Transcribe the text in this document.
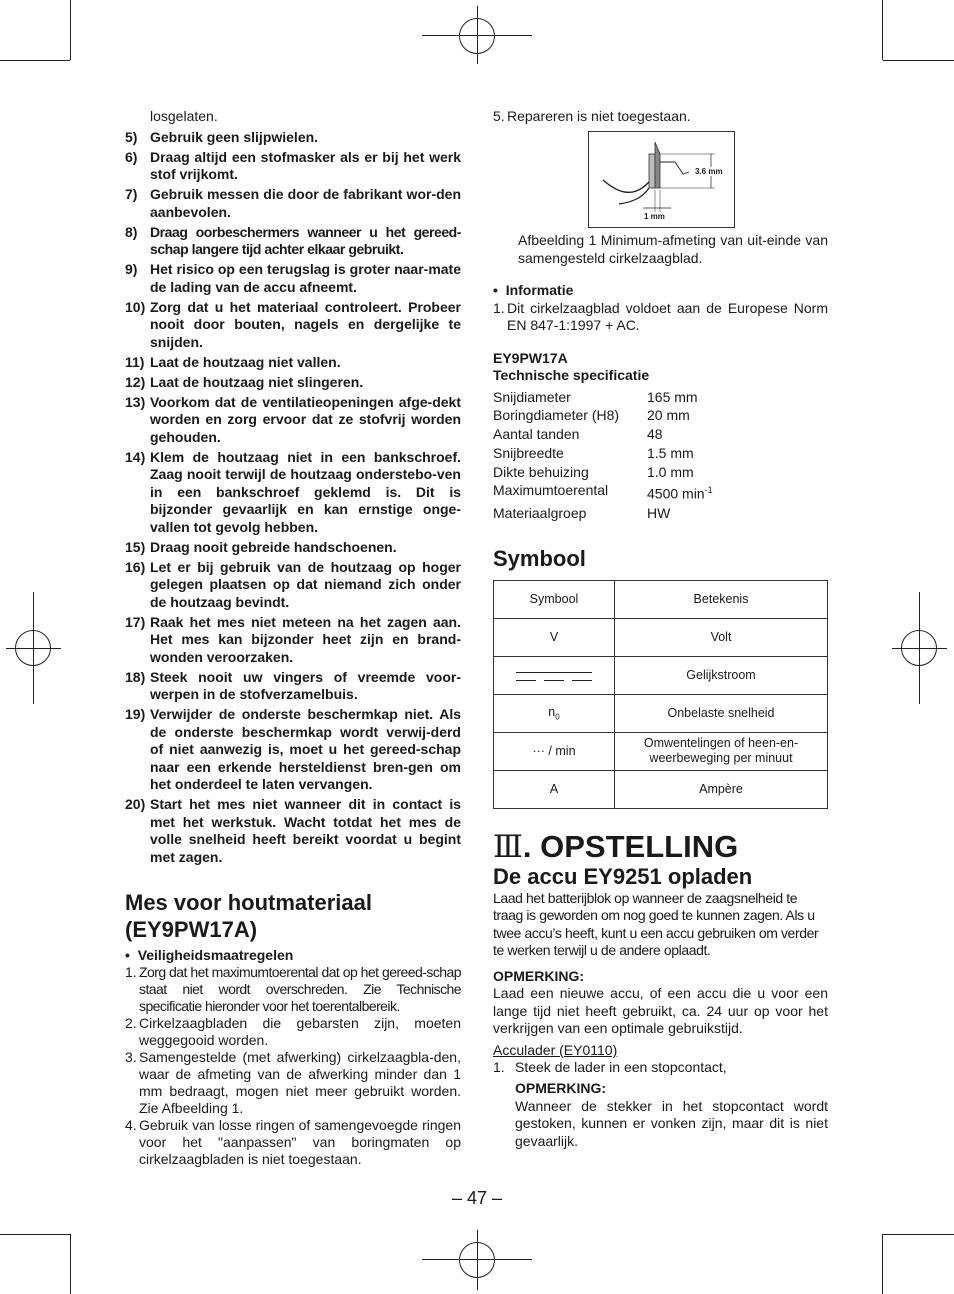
losgelaten.

5) Gebruik geen slijpwielen.
6) Draag altijd een stofmasker als er bij het werk stof vrijkomt.
7) Gebruik messen die door de fabrikant wor-den aanbevolen.
8) Draag oorbeschermers wanneer u het gereed-schap langere tijd achter elkaar gebruikt.
9) Het risico op een terugslag is groter naar-mate de lading van de accu afneemt.
10) Zorg dat u het materiaal controleert. Probeer nooit door bouten, nagels en dergelijke te snijden.
11) Laat de houtzaag niet vallen.
12) Laat de houtzaag niet slingeren.
13) Voorkom dat de ventilatieopeningen afge-dekt worden en zorg ervoor dat ze stofvrij worden gehouden.
14) Klem de houtzaag niet in een bankschroef. Zaag nooit terwijl de houtzaag onderstebo-ven in een bankschroef geklemd is. Dit is bijzonder gevaarlijk en kan ernstige onge-vallen tot gevolg hebben.
15) Draag nooit gebreide handschoenen.
16) Let er bij gebruik van de houtzaag op hoger gelegen plaatsen op dat niemand zich onder de houtzaag bevindt.
17) Raak het mes niet meteen na het zagen aan. Het mes kan bijzonder heet zijn en brand-wonden veroorzaken.
18) Steek nooit uw vingers of vreemde voor-werpen in de stofverzamelbuis.
19) Verwijder de onderste beschermkap niet. Als de onderste beschermkap wordt verwij-derd of niet aanwezig is, moet u het gereed-schap naar een erkende hersteldienst bren-gen om het onderdeel te laten vervangen.
20) Start het mes niet wanneer dit in contact is met het werkstuk. Wacht totdat het mes de volle snelheid heeft bereikt voordat u begint met zagen.

Mes voor houtmateriaal
(EY9PW17A)

•  Veiligheidsmaatregelen
1. Zorg dat het maximumtoerental dat op het gereed-schap staat niet wordt overschreden. Zie Technische specificatie hieronder voor het toerentalbereik.
2. Cirkelzaagbladen die gebarsten zijn, moeten weggegooid worden.
3. Samengestelde (met afwerking) cirkelzaagbla-den, waar de afmeting van de afwerking minder dan 1 mm bedraagt, mogen niet meer gebruikt worden. Zie Afbeelding 1.
4. Gebruik van losse ringen of samengevoegde ringen voor het "aanpassen" van boringmaten op cirkelzaagbladen is niet toegestaan.
5. Repareren is niet toegestaan.
3.6 mm
1 mm

Afbeelding 1 Minimum-afmeting van uit-einde van samengesteld cirkelzaagblad.

•  Informatie
1. Dit cirkelzaagblad voldoet aan de Europese Norm EN 847-1:1997 + AC.
EY9PW17A
Technische specificatie
Snijdiameter	165 mm
Boringdiameter (H8)	20 mm
Aantal tanden	48
Snijbreedte	1.5 mm
Dikte behuizing	1.0 mm
Maximumtoerental	4500 $\min^{-1}$
Materiaalgroep	HW

Symbool

Symbool	Betekenis
V	Volt

	Gelijkstroom
$n_0$	Onbelaste snelheid
··· / min	Omwentelingen of heen-en-weerbeweging per minuut
A	Ampère

Ⅲ. OPSTELLING

De accu EY9251 opladen

Laad het batterijblok op wanneer de zaagsnelheid te traag is geworden om nog goed te kunnen zagen. Als u twee accu’s heeft, kunt u een accu gebruiken om verder te werken terwijl u de andere oplaadt.

OPMERKING:

Laad een nieuwe accu, of een accu die u voor een lange tijd niet heeft gebruikt, ca. 24 uur op voor het verkrijgen van een optimale gebruikstijd.

Acculader (EY0110)

1. Steek de lader in een stopcontact,
OPMERKING:

Wanneer de stekker in het stopcontact wordt gestoken, kunnen er vonken zijn, maar dit is niet gevaarlijk.

– 47 –
